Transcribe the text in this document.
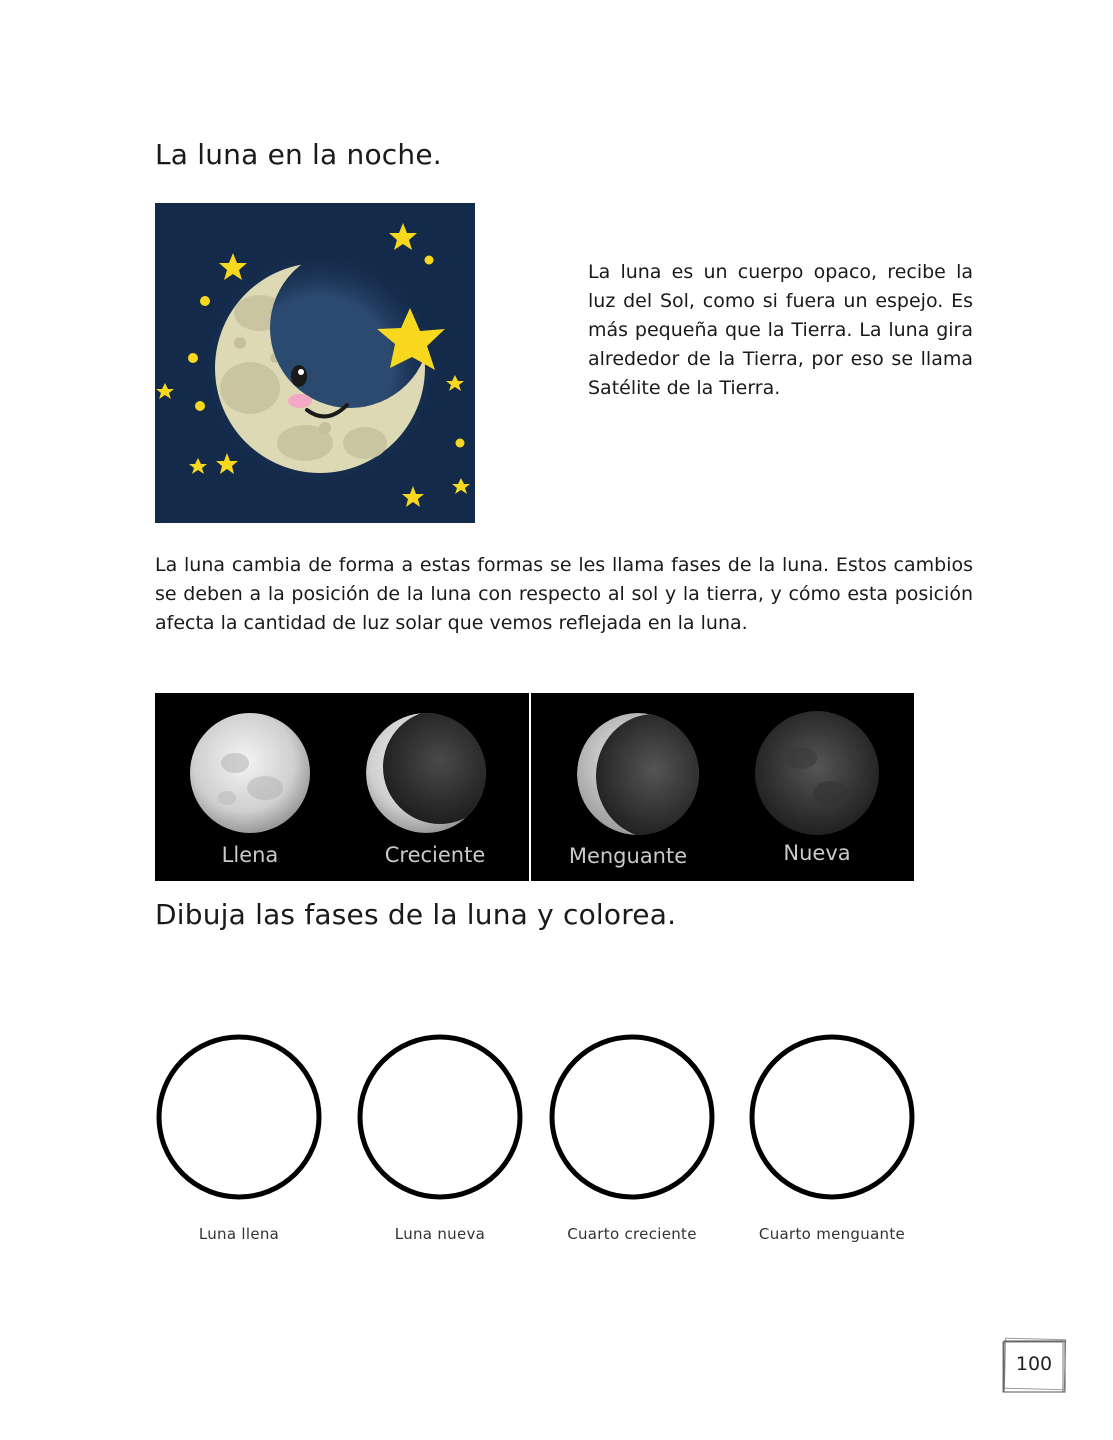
La luna en la noche.

La luna es un cuerpo opaco, recibe la luz del Sol, como si fuera un espejo. Es más pequeña que la Tierra. La luna gira alrededor de la Tierra, por eso se llama Satélite de la Tierra.

La luna cambia de forma a estas formas se les llama fases de la luna. Estos cambios se deben a la posición de la luna con respecto al sol y la tierra, y cómo esta posición afecta la cantidad de luz solar que vemos reflejada en la luna.

Llena	Creciente	Menguante	Nueva
Dibuja las fases de la luna y colorea.
Luna llena	Luna nueva	Cuarto creciente	Cuarto menguante
100
